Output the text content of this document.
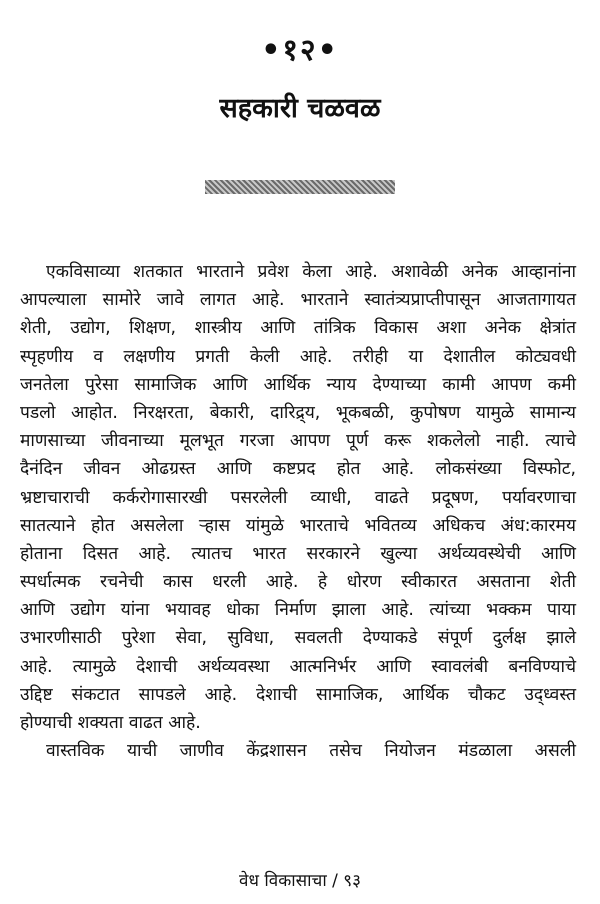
•१२•
सहकारी चळवळ
एकविसाव्या शतकात भारताने प्रवेश केला आहे. अशावेळी अनेक आव्हानांना
आपल्याला सामोरे जावे लागत आहे. भारताने स्वातंत्र्यप्राप्तीपासून आजतागायत
शेती, उद्योग, शिक्षण, शास्त्रीय आणि तांत्रिक विकास अशा अनेक क्षेत्रांत
स्पृहणीय व लक्षणीय प्रगती केली आहे. तरीही या देशातील कोट्यवधी
जनतेला पुरेसा सामाजिक आणि आर्थिक न्याय देण्याच्या कामी आपण कमी
पडलो आहोत. निरक्षरता, बेकारी, दारिद्र्य, भूकबळी, कुपोषण यामुळे सामान्य
माणसाच्या जीवनाच्या मूलभूत गरजा आपण पूर्ण करू शकलेलो नाही. त्याचे
दैनंदिन जीवन ओढग्रस्त आणि कष्टप्रद होत आहे. लोकसंख्या विस्फोट,
भ्रष्टाचाराची कर्करोगासारखी पसरलेली व्याधी, वाढते प्रदूषण, पर्यावरणाचा
सातत्याने होत असलेला ऱ्हास यांमुळे भारताचे भवितव्य अधिकच अंध:कारमय
होताना दिसत आहे. त्यातच भारत सरकारने खुल्या अर्थव्यवस्थेची आणि
स्पर्धात्मक रचनेची कास धरली आहे. हे धोरण स्वीकारत असताना शेती
आणि उद्योग यांना भयावह धोका निर्माण झाला आहे. त्यांच्या भक्कम पाया
उभारणीसाठी पुरेशा सेवा, सुविधा, सवलती देण्याकडे संपूर्ण दुर्लक्ष झाले
आहे. त्यामुळे देशाची अर्थव्यवस्था आत्मनिर्भर आणि स्वावलंबी बनविण्याचे
उद्दिष्ट संकटात सापडले आहे. देशाची सामाजिक, आर्थिक चौकट उद्ध्वस्त
होण्याची शक्यता वाढत आहे.
वास्तविक याची जाणीव केंद्रशासन तसेच नियोजन मंडळाला असली
वेध विकासाचा / ९३
